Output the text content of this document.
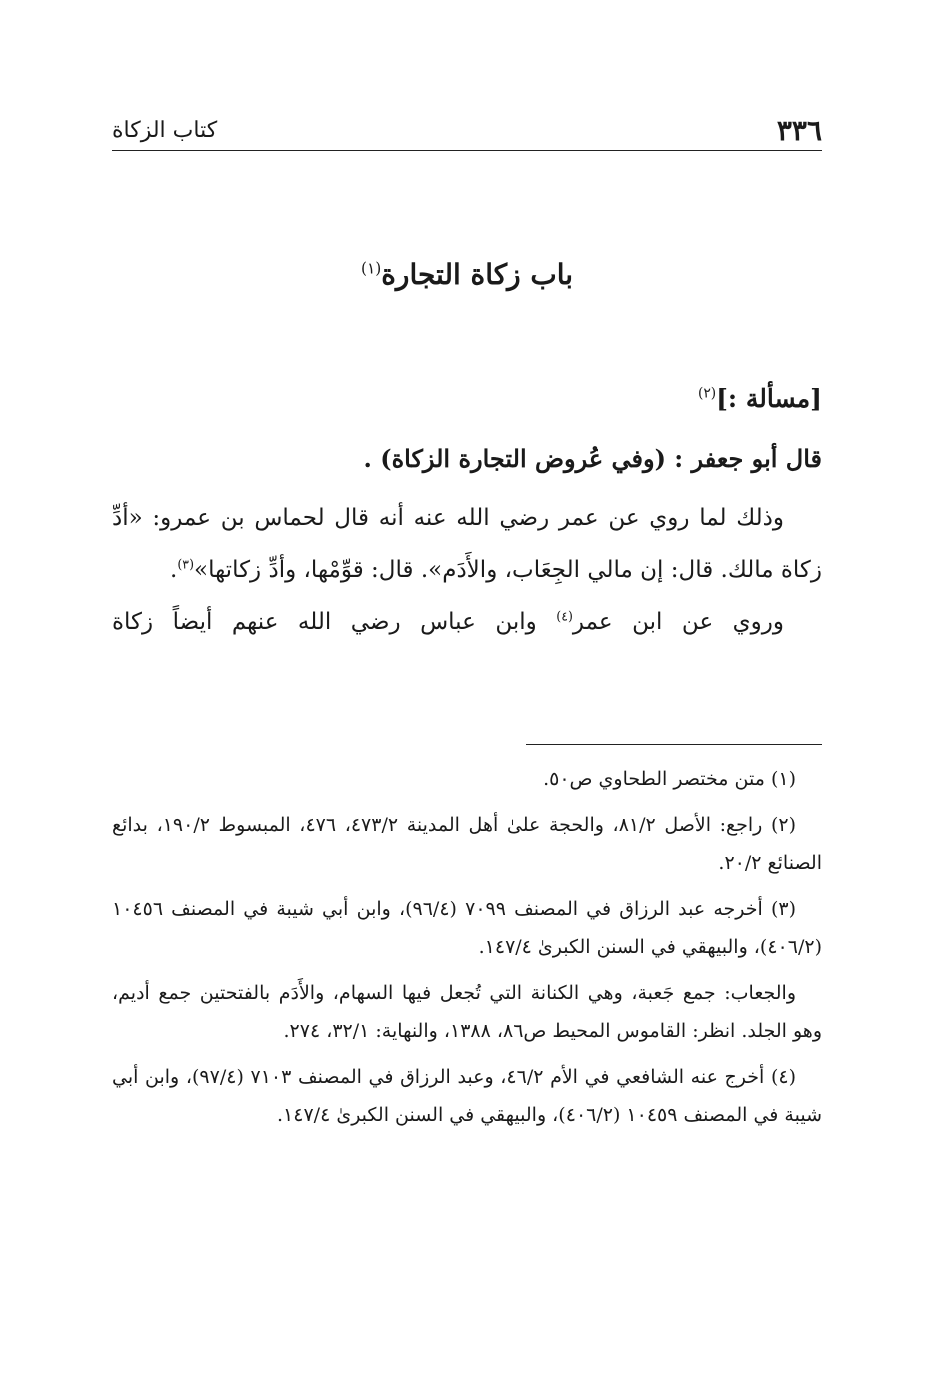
٣٣٦
كتاب الزكاة
باب زكاة التجارة$^{(١)}$
[مسألة :]$^{(٢)}$
قال أبو جعفر : (وفي عُروض التجارة الزكاة) .

وذلك لما روي عن عمر رضي الله عنه أنه قال لحماس بن عمرو: «أدِّ زكاة مالك. قال: إن مالي الجِعَاب، والأَدَم». قال: قوِّمْها، وأدِّ زكاتها»$^{(٣)}$.

وروي عن ابن عمر$^{(٤)}$ وابن عباس رضي الله عنهم أيضاً زكاة

(١) متن مختصر الطحاوي ص٥٠.

(٢) راجع: الأصل ٨١/٢، والحجة علىٰ أهل المدينة ٤٧٣/٢، ٤٧٦، المبسوط ١٩٠/٢، بدائع الصنائع ٢٠/٢.

(٣) أخرجه عبد الرزاق في المصنف ٧٠٩٩ (٩٦/٤)، وابن أبي شيبة في المصنف ١٠٤٥٦ (٤٠٦/٢)، والبيهقي في السنن الكبرىٰ ١٤٧/٤.

والجعاب: جمع جَعبة، وهي الكنانة التي تُجعل فيها السهام، والأَدَم بالفتحتين جمع أديم، وهو الجلد. انظر: القاموس المحيط ص٨٦، ١٣٨٨، والنهاية: ٣٢/١، ٢٧٤.

(٤) أخرج عنه الشافعي في الأم ٤٦/٢، وعبد الرزاق في المصنف ٧١٠٣ (٩٧/٤)، وابن أبي شيبة في المصنف ١٠٤٥٩ (٤٠٦/٢)، والبيهقي في السنن الكبرىٰ ١٤٧/٤.
